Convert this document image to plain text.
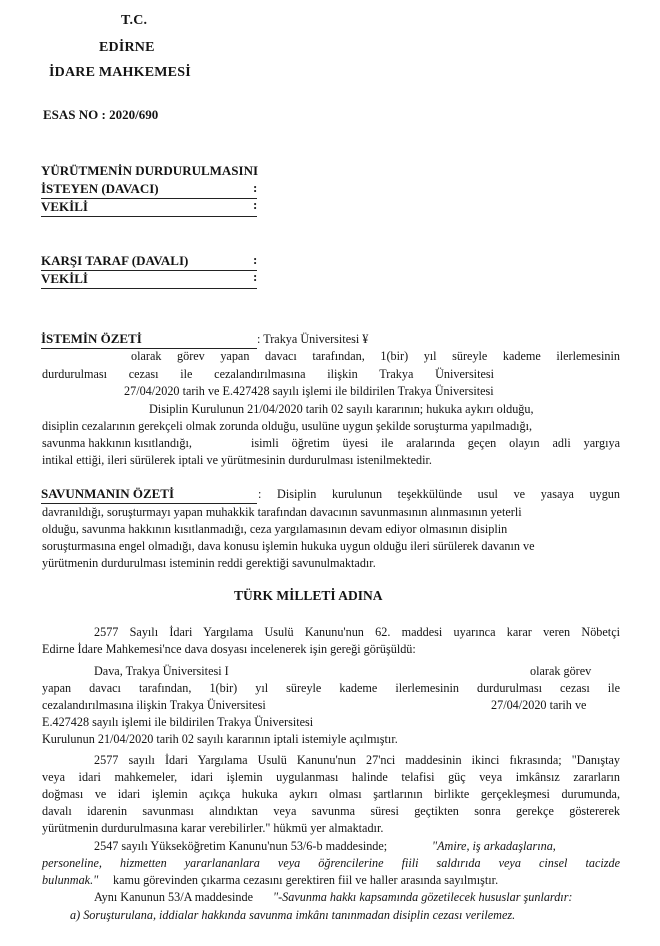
T.C.
EDİRNE
İDARE MAHKEMESİ
ESAS NO : 2020/690
YÜRÜTMENİN DURDURULMASINI
İSTEYEN (DAVACI)	:
VEKİLİ	:
KARŞI TARAF (DAVALI)	:
VEKİLİ	:
İSTEMİN ÖZETİ	: Trakya Üniversitesi ¥
olarak görev yapan davacı tarafından, 1(bir) yıl süreyle kademe ilerlemesinin
durdurulması cezası ile cezalandırılmasına ilişkin Trakya Üniversitesi
27/04/2020 tarih ve E.427428 sayılı işlemi ile bildirilen Trakya Üniversitesi
Disiplin Kurulunun 21/04/2020 tarih 02 sayılı kararının; hukuka aykırı olduğu,
disiplin cezalarının gerekçeli olmak zorunda olduğu, usulüne uygun şekilde soruşturma yapılmadığı,
savunma hakkının kısıtlandığı,	isimli öğretim üyesi ile aralarında geçen olayın adli yargıya
intikal ettiği, ileri sürülerek iptali ve yürütmesinin durdurulması istenilmektedir.
SAVUNMANIN ÖZETİ	: Disiplin kurulunun teşekkülünde usul ve yasaya uygun
davranıldığı, soruşturmayı yapan muhakkik tarafından davacının savunmasının alınmasının yeterli
olduğu, savunma hakkının kısıtlanmadığı, ceza yargılamasının devam ediyor olmasının disiplin
soruşturmasına engel olmadığı, dava konusu işlemin hukuka uygun olduğu ileri sürülerek davanın ve
yürütmenin durdurulması isteminin reddi gerektiği savunulmaktadır.
TÜRK MİLLETİ ADINA
2577 Sayılı İdari Yargılama Usulü Kanunu'nun 62. maddesi uyarınca karar veren Nöbetçi
Edirne İdare Mahkemesi'nce dava dosyası incelenerek işin gereği görüşüldü:
Dava, Trakya Üniversitesi I	olarak görev
yapan davacı tarafından, 1(bir) yıl süreyle kademe ilerlemesinin durdurulması cezası ile
cezalandırılmasına ilişkin Trakya Üniversitesi	27/04/2020 tarih ve
E.427428 sayılı işlemi ile bildirilen Trakya Üniversitesi
Kurulunun 21/04/2020 tarih 02 sayılı kararının iptali istemiyle açılmıştır.
2577 sayılı İdari Yargılama Usulü Kanunu'nun 27'nci maddesinin ikinci fıkrasında; "Danıştay
veya idari mahkemeler, idari işlemin uygulanması halinde telafisi güç veya imkânsız zararların
doğması ve idari işlemin açıkça hukuka aykırı olması şartlarının birlikte gerçekleşmesi durumunda,
davalı idarenin savunması alındıktan veya savunma süresi geçtikten sonra gerekçe göstererek
yürütmenin durdurulmasına karar verebilirler." hükmü yer almaktadır.
2547 sayılı Yükseköğretim Kanunu'nun 53/6-b maddesinde;	"Amire, iş arkadaşlarına,
personeline, hizmetten yararlananlara veya öğrencilerine fiili saldırıda veya cinsel tacizde
bulunmak." kamu görevinden çıkarma cezasını gerektiren fiil ve haller arasında sayılmıştır.
Aynı Kanunun 53/A maddesinde "-Savunma hakkı kapsamında gözetilecek hususlar şunlardır:
a) Soruşturulana, iddialar hakkında savunma imkânı tanınmadan disiplin cezası verilemez.
